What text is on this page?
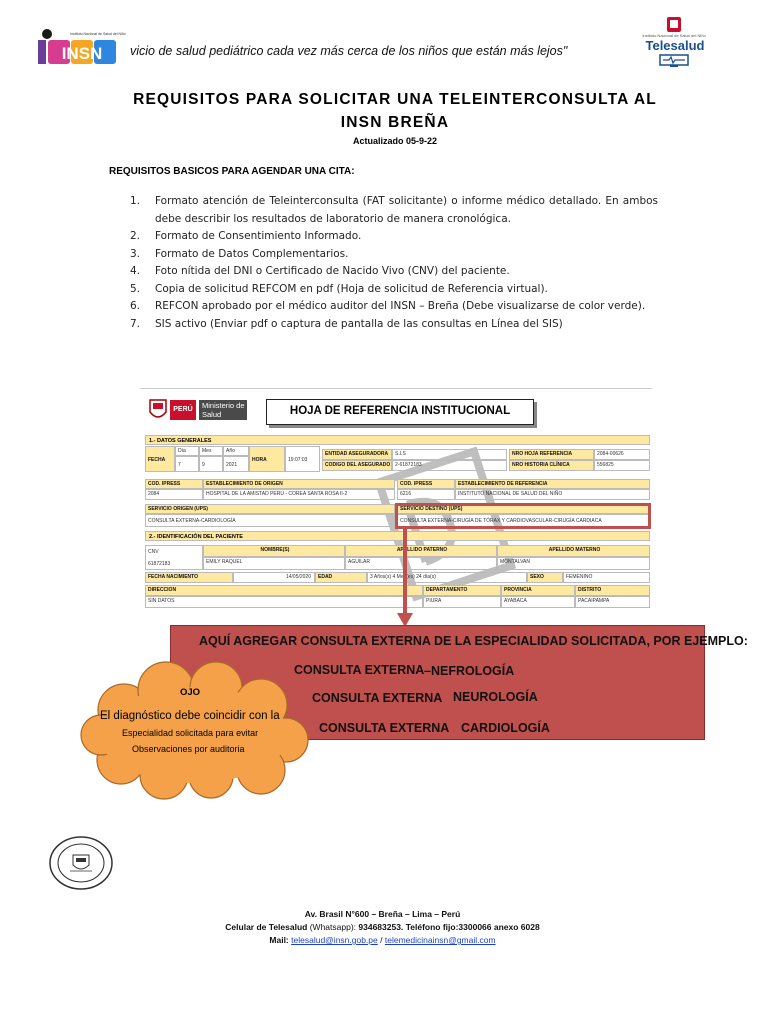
INSN
Instituto Nacional de Salud del Niño
vicio de salud pediátrico cada vez más cerca de los niños que están más lejos"
Instituto Nacional de Salud del Niño
Telesalud
REQUISITOS PARA SOLICITAR UNA TELEINTERCONSULTA AL
INSN BREÑA
Actualizado 05-9-22
REQUISITOS BASICOS PARA AGENDAR UNA CITA:
1. Formato atención de Teleinterconsulta (FAT solicitante) o informe médico detallado. En ambos debe describir los resultados de laboratorio de manera cronológica.
2. Formato de Consentimiento Informado.
3. Formato de Datos Complementarios.
4. Foto nítida del DNI o Certificado de Nacido Vivo (CNV) del paciente.
5. Copia de solicitud REFCOM en pdf (Hoja de solicitud de Referencia virtual).
6. REFCON aprobado por el médico auditor del INSN – Breña (Debe visualizarse de color verde).
7. SIS activo (Enviar pdf o captura de pantalla de las consultas en Línea del SIS)
PERÚ	Ministerio de Salud	HOJA DE REFERENCIA INSTITUCIONAL
1.- DATOS GENERALES
FECHA
Día	Mes	Año
7	9	2021
HORA	19:07:03
ENTIDAD ASEGURADORA	S.I.S
CODIGO DEL ASEGURADO 2-61872183
NRO HOJA REFERENCIA	2084-00626
NRO HISTORIA CLÍNICA	556825
COD. IPRESS	ESTABLECIMIENTO DE ORIGEN
2084	HOSPITAL DE LA AMISTAD PERU - COREA SANTA ROSA II-2
COD. IPRESS	ESTABLECIMIENTO DE REFERENCIA
6216	INSTITUTO NACIONAL DE SALUD DEL NIÑO
SERVICIO ORIGEN (UPS)
CONSULTA EXTERNA-CARDIOLOGÍA
SERVICIO DESTINO (UPS)
CONSULTA EXTERNA-CIRUGÍA DE TÓRAX Y CARDIOVASCULAR-CIRUGÍA CARDIACA
2.- IDENTIFICACIÓN DEL PACIENTE
CNV
61872183
NOMBRE(S)	APELLIDO PATERNO	APELLIDO MATERNO
EMILY RAQUEL	AGUILAR	MONTALVAN
FECHA NACIMIENTO	14/05/2020	EDAD	3 Años(s) 4 Mes(es) 24 día(s)	SEXO	FEMENINO
DIRECCION	DEPARTAMENTO	PROVINCIA	DISTRITO
SIN DATOS	PIURA	AYABACA	PACAIPAMPA
AQUÍ AGREGAR CONSULTA EXTERNA DE LA ESPECIALIDAD SOLICITADA, POR EJEMPLO:
CONSULTA EXTERNA –NEFROLOGÍA
CONSULTA EXTERNA NEUROLOGÍA
CONSULTA EXTERNA CARDIOLOGÍA
OJO
El diagnóstico debe coincidir con la
Especialidad solicitada para evitar
Observaciones por auditoria
Av. Brasil N°600 – Breña – Lima – Perú
Celular de Telesalud (Whatsapp): 934683253. Teléfono fijo:3300066 anexo 6028
Mail: telesalud@insn.gob.pe / telemedicinainsn@gmail.com
